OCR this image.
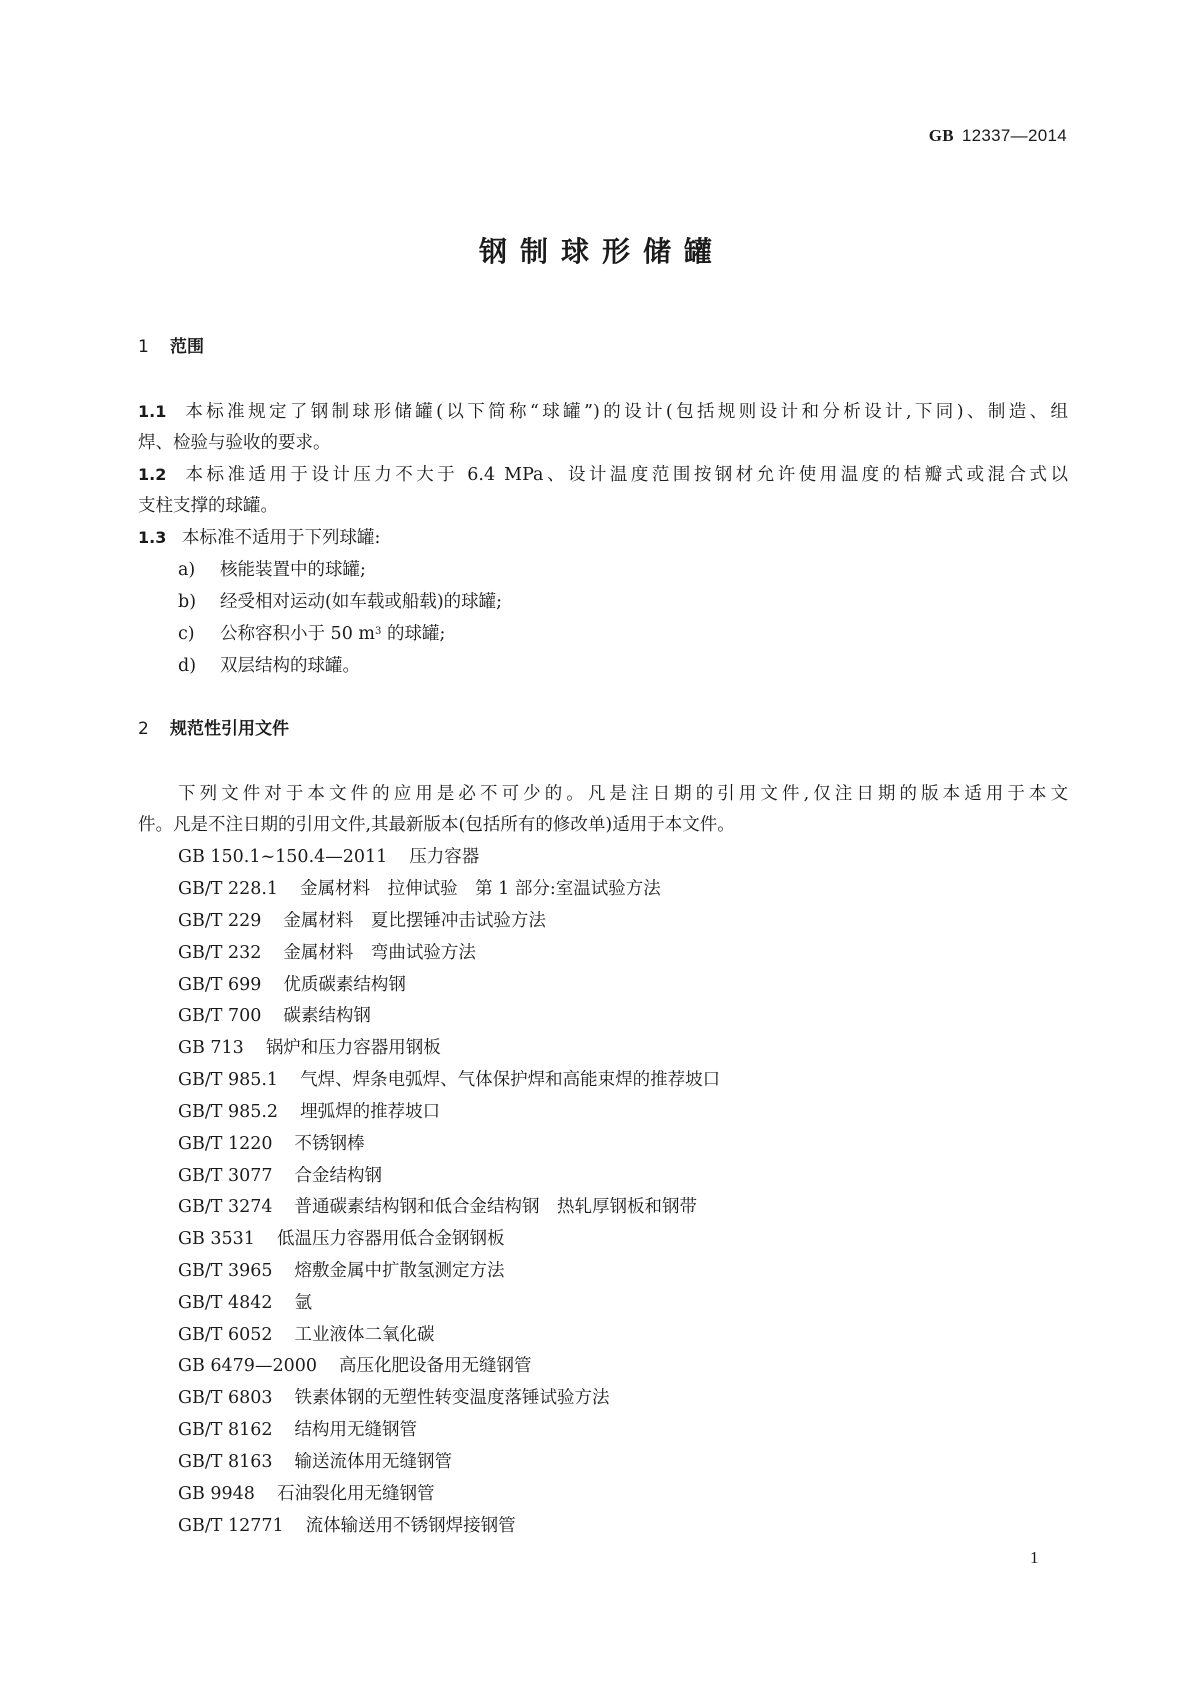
GB 12337—2014
钢制球形储罐
1 范围
1.1 本标准规定了钢制球形储罐(以下简称“球罐”)的设计(包括规则设计和分析设计,下同)、制造、组
焊、检验与验收的要求。
1.2 本标准适用于设计压力不大于 6.4 MPa、设计温度范围按钢材允许使用温度的桔瓣式或混合式以
支柱支撑的球罐。
1.3 本标准不适用于下列球罐:
a) 核能装置中的球罐;
b) 经受相对运动(如车载或船载)的球罐;
c) 公称容积小于 50 $m^3$ 的球罐;
d) 双层结构的球罐。
2 规范性引用文件
下列文件对于本文件的应用是必不可少的。凡是注日期的引用文件,仅注日期的版本适用于本文
件。凡是不注日期的引用文件,其最新版本(包括所有的修改单)适用于本文件。
GB 150.1~150.4—2011 压力容器
GB/T 228.1 金属材料　拉伸试验　第 1 部分:室温试验方法
GB/T 229 金属材料　夏比摆锤冲击试验方法
GB/T 232 金属材料　弯曲试验方法
GB/T 699 优质碳素结构钢
GB/T 700 碳素结构钢
GB 713 锅炉和压力容器用钢板
GB/T 985.1 气焊、焊条电弧焊、气体保护焊和高能束焊的推荐坡口
GB/T 985.2 埋弧焊的推荐坡口
GB/T 1220 不锈钢棒
GB/T 3077 合金结构钢
GB/T 3274 普通碳素结构钢和低合金结构钢　热轧厚钢板和钢带
GB 3531 低温压力容器用低合金钢钢板
GB/T 3965 熔敷金属中扩散氢测定方法
GB/T 4842 氩
GB/T 6052 工业液体二氧化碳
GB 6479—2000 高压化肥设备用无缝钢管
GB/T 6803 铁素体钢的无塑性转变温度落锤试验方法
GB/T 8162 结构用无缝钢管
GB/T 8163 输送流体用无缝钢管
GB 9948 石油裂化用无缝钢管
GB/T 12771 流体输送用不锈钢焊接钢管
1
